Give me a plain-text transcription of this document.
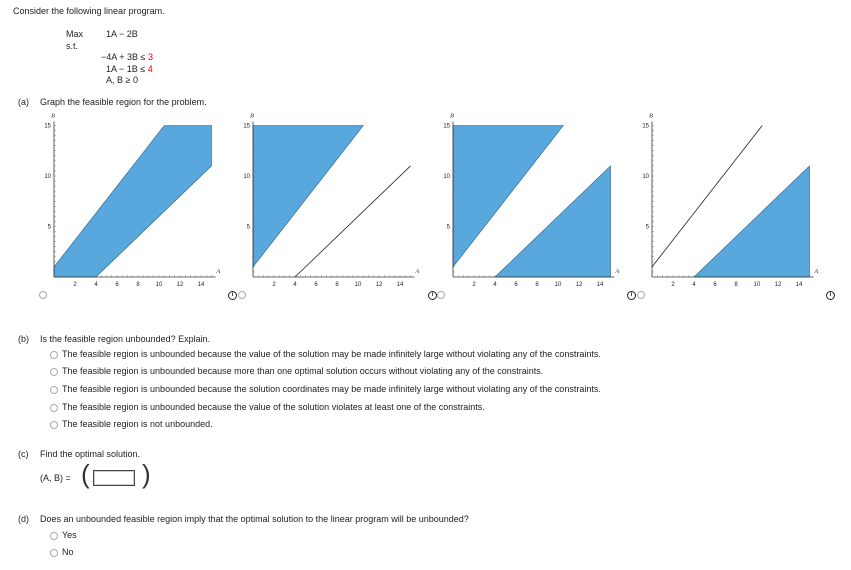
Consider the following linear program.
Max	1A − 2B
s.t.
−4A + 3B ≤ 3
1A − 1B ≤ 4
A, B ≥ 0
(a) Graph the feasible region for the problem.
2	4	6	8	10 12 14
5
10
15
A
B
2	4	6	8	10 12 14
5
10
15
A
B
2	4	6	8	10 12 14
5
10
15
A
B
2	4	6	8	10 12 14
5
10
15
A
B
i	i	i	i
(b) Is the feasible region unbounded? Explain.
The feasible region is unbounded because the value of the solution may be made infinitely large without violating any of the constraints.
The feasible region is unbounded because more than one optimal solution occurs without violating any of the constraints.
The feasible region is unbounded because the solution coordinates may be made infinitely large without violating any of the constraints.
The feasible region is unbounded because the value of the solution violates at least one of the constraints.
The feasible region is not unbounded.
(c) Find the optimal solution.
(A, B) = ( )
(d) Does an unbounded feasible region imply that the optimal solution to the linear program will be unbounded?
Yes
No
